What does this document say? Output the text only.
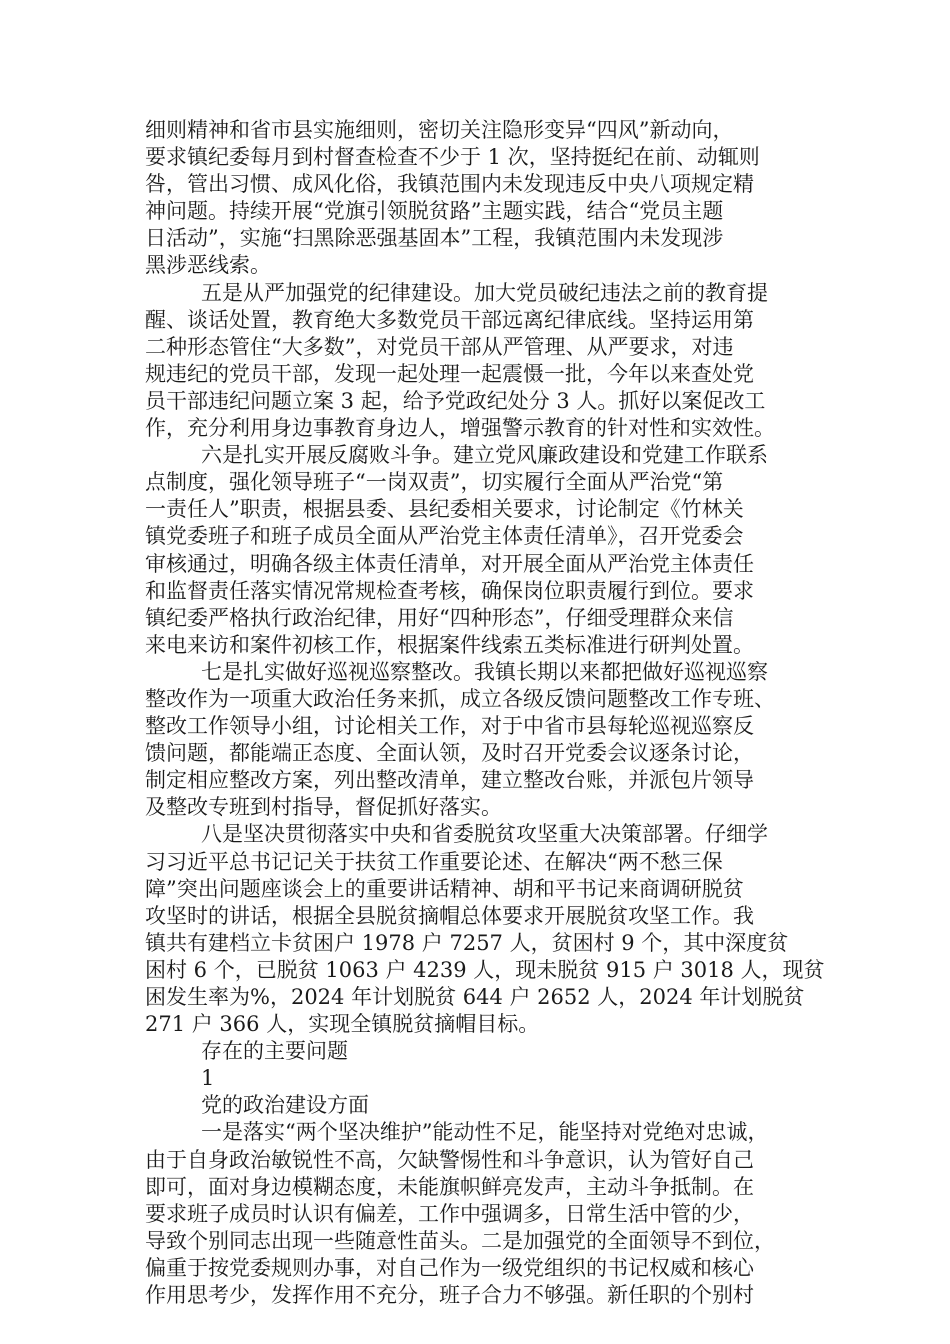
细则精神和省市县实施细则，密切关注隐形变异“四风”新动向，
要求镇纪委每月到村督查检查不少于 1 次，坚持挺纪在前、动辄则
咎，管出习惯、成风化俗，我镇范围内未发现违反中央八项规定精
神问题。持续开展“党旗引领脱贫路”主题实践，结合“党员主题
日活动”，实施“扫黑除恶强基固本”工程，我镇范围内未发现涉
黑涉恶线索。
五是从严加强党的纪律建设。加大党员破纪违法之前的教育提
醒、谈话处置，教育绝大多数党员干部远离纪律底线。坚持运用第
二种形态管住“大多数”，对党员干部从严管理、从严要求，对违
规违纪的党员干部，发现一起处理一起震慑一批，今年以来查处党
员干部违纪问题立案 3 起，给予党政纪处分 3 人。抓好以案促改工
作，充分利用身边事教育身边人，增强警示教育的针对性和实效性。
六是扎实开展反腐败斗争。建立党风廉政建设和党建工作联系
点制度，强化领导班子“一岗双责”，切实履行全面从严治党“第
一责任人”职责，根据县委、县纪委相关要求，讨论制定《竹林关
镇党委班子和班子成员全面从严治党主体责任清单》，召开党委会
审核通过，明确各级主体责任清单，对开展全面从严治党主体责任
和监督责任落实情况常规检查考核，确保岗位职责履行到位。要求
镇纪委严格执行政治纪律，用好“四种形态”，仔细受理群众来信
来电来访和案件初核工作，根据案件线索五类标准进行研判处置。
七是扎实做好巡视巡察整改。我镇长期以来都把做好巡视巡察
整改作为一项重大政治任务来抓，成立各级反馈问题整改工作专班、
整改工作领导小组，讨论相关工作，对于中省市县每轮巡视巡察反
馈问题，都能端正态度、全面认领，及时召开党委会议逐条讨论，
制定相应整改方案，列出整改清单，建立整改台账，并派包片领导
及整改专班到村指导，督促抓好落实。
八是坚决贯彻落实中央和省委脱贫攻坚重大决策部署。仔细学
习习近平总书记记关于扶贫工作重要论述、在解决“两不愁三保
障”突出问题座谈会上的重要讲话精神、胡和平书记来商调研脱贫
攻坚时的讲话，根据全县脱贫摘帽总体要求开展脱贫攻坚工作。我
镇共有建档立卡贫困户 1978 户 7257 人，贫困村 9 个，其中深度贫
困村 6 个，已脱贫 1063 户 4239 人，现未脱贫 915 户 3018 人，现贫
困发生率为%，2024 年计划脱贫 644 户 2652 人，2024 年计划脱贫
271 户 366 人，实现全镇脱贫摘帽目标。
存在的主要问题
1
党的政治建设方面
一是落实“两个坚决维护”能动性不足，能坚持对党绝对忠诚，
由于自身政治敏锐性不高，欠缺警惕性和斗争意识，认为管好自己
即可，面对身边模糊态度，未能旗帜鲜亮发声，主动斗争抵制。在
要求班子成员时认识有偏差，工作中强调多，日常生活中管的少，
导致个别同志出现一些随意性苗头。二是加强党的全面领导不到位，
偏重于按党委规则办事，对自己作为一级党组织的书记权威和核心
作用思考少，发挥作用不充分，班子合力不够强。新任职的个别村
